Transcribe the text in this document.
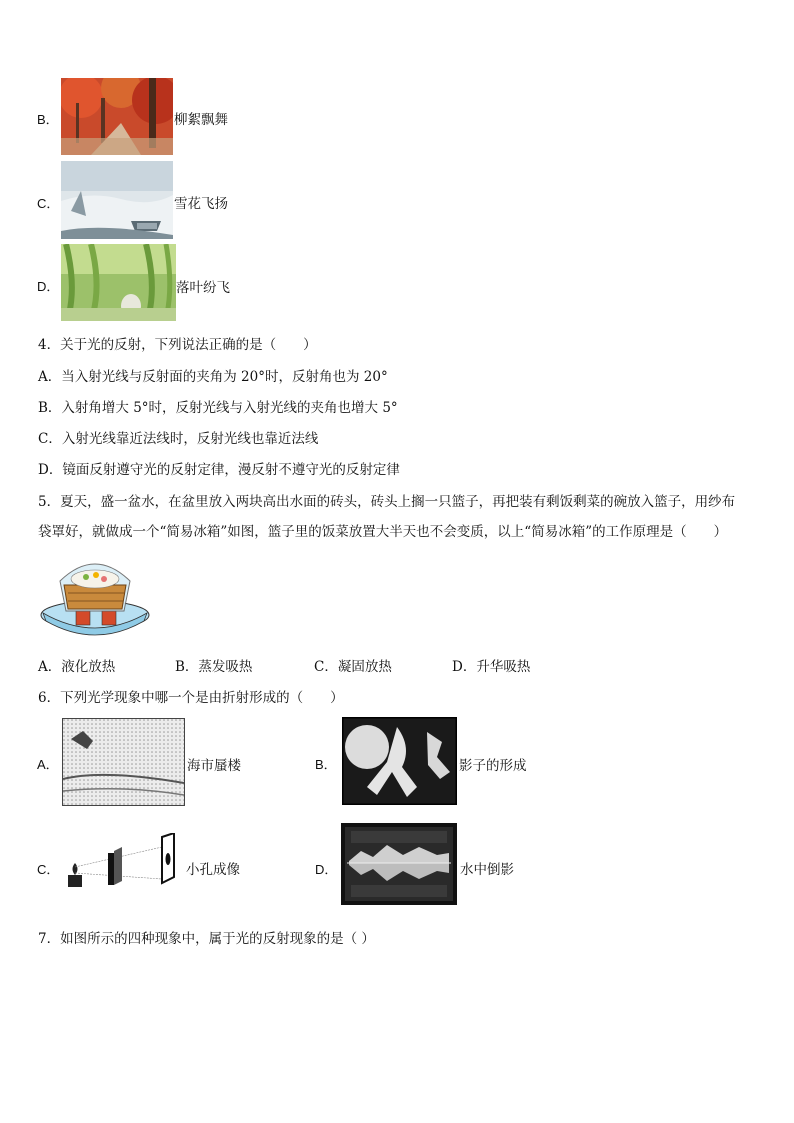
B．	柳絮飘舞
C．	雪花飞扬
D．	落叶纷飞
4．关于光的反射，下列说法正确的是（　　）
A．当入射光线与反射面的夹角为 20°时，反射角也为 20°
B．入射角增大 5°时，反射光线与入射光线的夹角也增大 5°
C．入射光线靠近法线时，反射光线也靠近法线
D．镜面反射遵守光的反射定律，漫反射不遵守光的反射定律
5．夏天，盛一盆水，在盆里放入两块高出水面的砖头，砖头上搁一只篮子，再把装有剩饭剩菜的碗放入篮子，用纱布
袋罩好，就做成一个“简易冰箱”如图，篮子里的饭菜放置大半天也不会变质，以上“简易冰箱”的工作原理是（　　）
A．液化放热	B．蒸发吸热	C．凝固放热	D．升华吸热
6．下列光学现象中哪一个是由折射形成的（　　）
A．	海市蜃楼	B．	影子的形成
C．	小孔成像	D．	水中倒影
7．如图所示的四种现象中，属于光的反射现象的是（ ）
